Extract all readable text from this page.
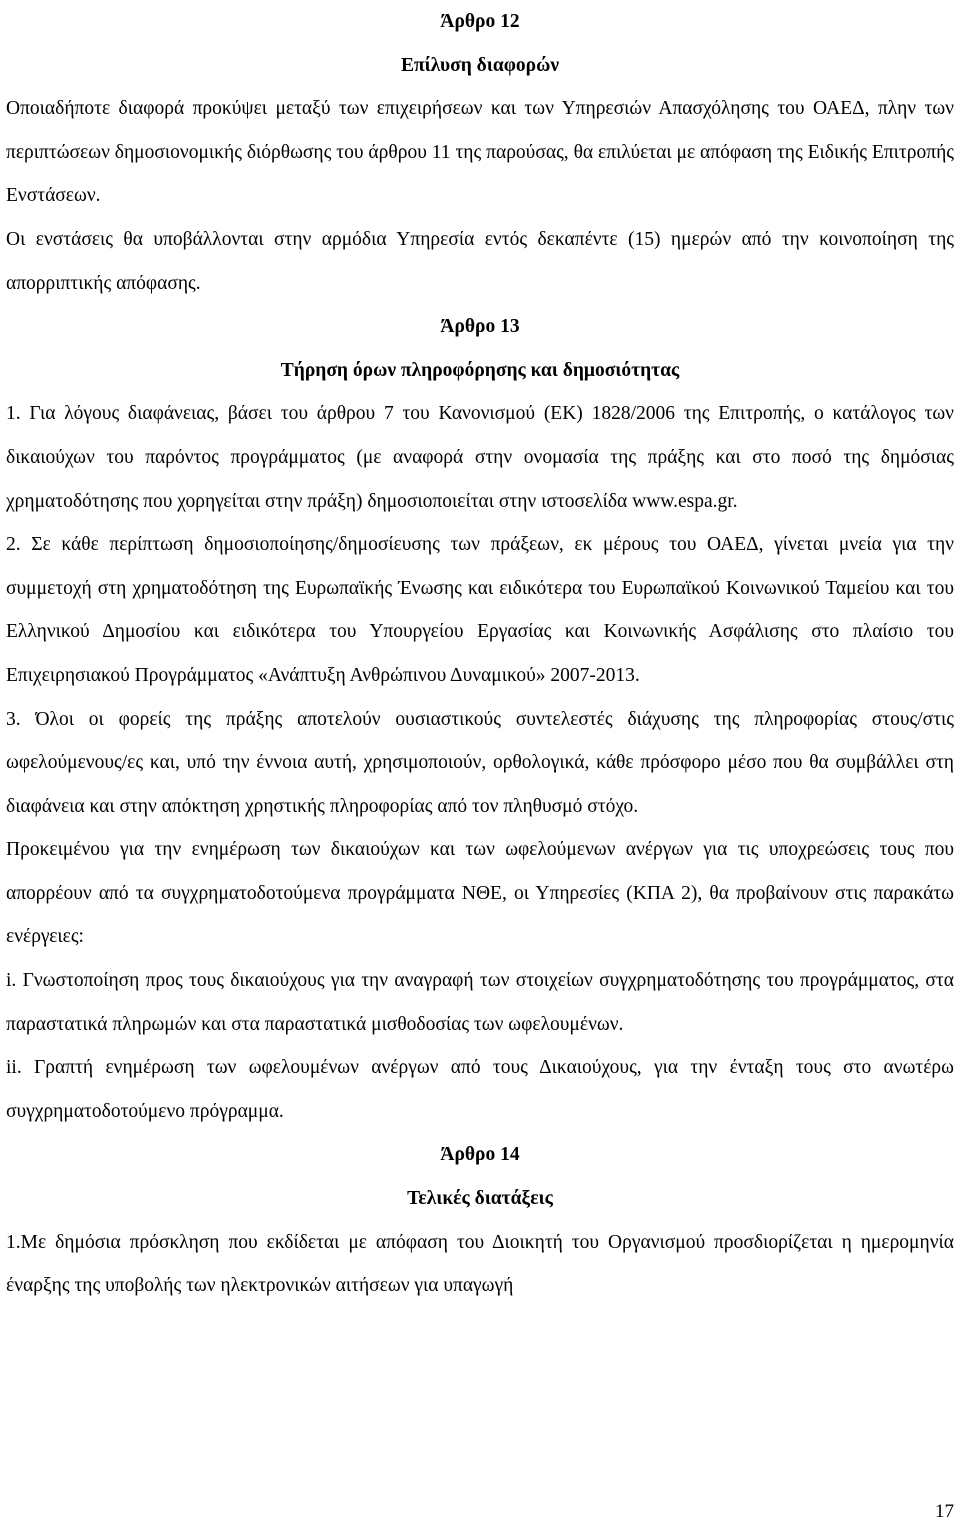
Άρθρο 12

Επίλυση διαφορών

Οποιαδήποτε διαφορά προκύψει μεταξύ των επιχειρήσεων και των Υπηρεσιών Απασχόλησης του ΟΑΕΔ, πλην των περιπτώσεων δημοσιονομικής διόρθωσης του άρθρου 11 της παρούσας, θα επιλύεται με απόφαση της Ειδικής Επιτροπής Ενστάσεων.

Οι ενστάσεις θα υποβάλλονται στην αρμόδια Υπηρεσία εντός δεκαπέντε (15) ημερών από την κοινοποίηση της απορριπτικής απόφασης.

Άρθρο 13

Τήρηση όρων πληροφόρησης και δημοσιότητας

1. Για λόγους διαφάνειας, βάσει του άρθρου 7 του Κανονισμού (ΕΚ) 1828/2006 της Επιτροπής, ο κατάλογος των δικαιούχων του παρόντος προγράμματος (με αναφορά στην ονομασία της πράξης και στο ποσό της δημόσιας χρηματοδότησης που χορηγείται στην πράξη) δημοσιοποιείται στην ιστοσελίδα www.espa.gr.

2. Σε κάθε περίπτωση δημοσιοποίησης/δημοσίευσης των πράξεων, εκ μέρους του ΟΑΕΔ, γίνεται μνεία για την συμμετοχή στη χρηματοδότηση της Ευρωπαϊκής Ένωσης και ειδικότερα του Ευρωπαϊκού Κοινωνικού Ταμείου και του Ελληνικού Δημοσίου και ειδικότερα του Υπουργείου Εργασίας και Κοινωνικής Ασφάλισης στο πλαίσιο του Επιχειρησιακού Προγράμματος «Ανάπτυξη Ανθρώπινου Δυναμικού» 2007-2013.

3. Όλοι οι φορείς της πράξης αποτελούν ουσιαστικούς συντελεστές διάχυσης της πληροφορίας στους/στις ωφελούμενους/ες και, υπό την έννοια αυτή, χρησιμοποιούν, ορθολογικά, κάθε πρόσφορο μέσο που θα συμβάλλει στη διαφάνεια και στην απόκτηση χρηστικής πληροφορίας από τον πληθυσμό στόχο.

Προκειμένου για την ενημέρωση των δικαιούχων και των ωφελούμενων ανέργων για τις υποχρεώσεις τους που απορρέουν από τα συγχρηματοδοτούμενα προγράμματα ΝΘΕ, οι Υπηρεσίες (ΚΠΑ 2), θα προβαίνουν στις παρακάτω ενέργειες:

i. Γνωστοποίηση προς τους δικαιούχους για την αναγραφή των στοιχείων συγχρηματοδότησης του προγράμματος, στα παραστατικά πληρωμών και στα παραστατικά μισθοδοσίας των ωφελουμένων.

ii. Γραπτή ενημέρωση των ωφελουμένων ανέργων από τους Δικαιούχους, για την ένταξη τους στο ανωτέρω συγχρηματοδοτούμενο πρόγραμμα.

Άρθρο 14

Τελικές διατάξεις

1.Με δημόσια πρόσκληση που εκδίδεται με απόφαση του Διοικητή του Οργανισμού προσδιορίζεται η ημερομηνία έναρξης της υποβολής των ηλεκτρονικών αιτήσεων για υπαγωγή

17
